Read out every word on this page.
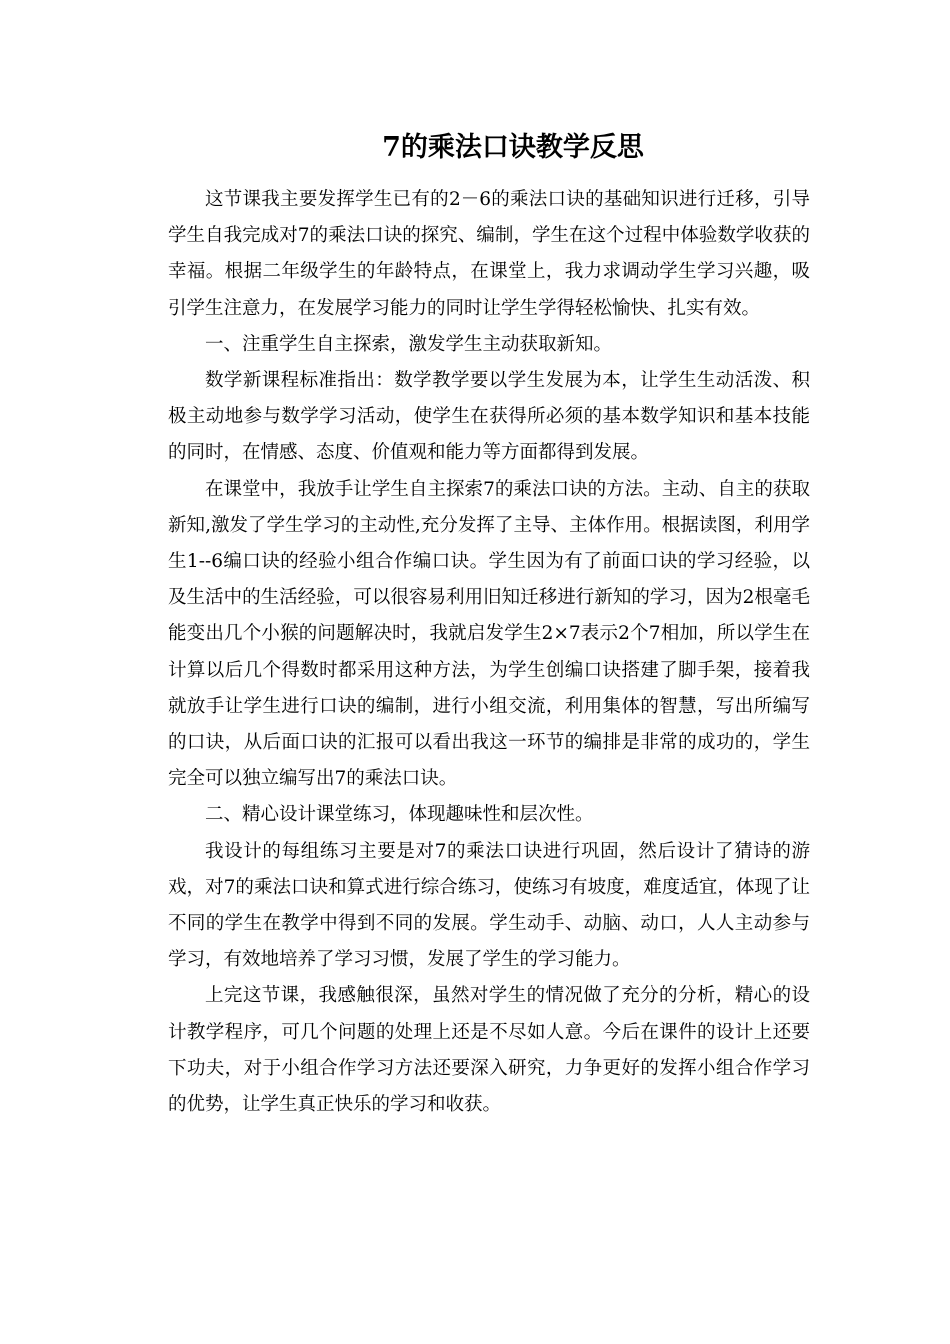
7的乘法口诀教学反思

这节课我主要发挥学生已有的2－6的乘法口诀的基础知识进行迁移，引导学生自我完成对7的乘法口诀的探究、编制，学生在这个过程中体验数学收获的幸福。根据二年级学生的年龄特点，在课堂上，我力求调动学生学习兴趣，吸引学生注意力，在发展学习能力的同时让学生学得轻松愉快、扎实有效。

一、注重学生自主探索，激发学生主动获取新知。

数学新课程标准指出：数学教学要以学生发展为本，让学生生动活泼、积极主动地参与数学学习活动，使学生在获得所必须的基本数学知识和基本技能的同时，在情感、态度、价值观和能力等方面都得到发展。

在课堂中，我放手让学生自主探索7的乘法口诀的方法。主动、自主的获取新知,激发了学生学习的主动性,充分发挥了主导、主体作用。根据读图，利用学生1--6编口诀的经验小组合作编口诀。学生因为有了前面口诀的学习经验，以及生活中的生活经验，可以很容易利用旧知迁移进行新知的学习，因为2根毫毛能变出几个小猴的问题解决时，我就启发学生2×7表示2个7相加，所以学生在计算以后几个得数时都采用这种方法，为学生创编口诀搭建了脚手架，接着我就放手让学生进行口诀的编制，进行小组交流，利用集体的智慧，写出所编写的口诀，从后面口诀的汇报可以看出我这一环节的编排是非常的成功的，学生完全可以独立编写出7的乘法口诀。

二、精心设计课堂练习，体现趣味性和层次性。

我设计的每组练习主要是对7的乘法口诀进行巩固，然后设计了猜诗的游戏，对7的乘法口诀和算式进行综合练习，使练习有坡度，难度适宜，体现了让不同的学生在教学中得到不同的发展。学生动手、动脑、动口，人人主动参与学习，有效地培养了学习习惯，发展了学生的学习能力。

上完这节课，我感触很深，虽然对学生的情况做了充分的分析，精心的设计教学程序，可几个问题的处理上还是不尽如人意。今后在课件的设计上还要下功夫，对于小组合作学习方法还要深入研究，力争更好的发挥小组合作学习的优势，让学生真正快乐的学习和收获。
